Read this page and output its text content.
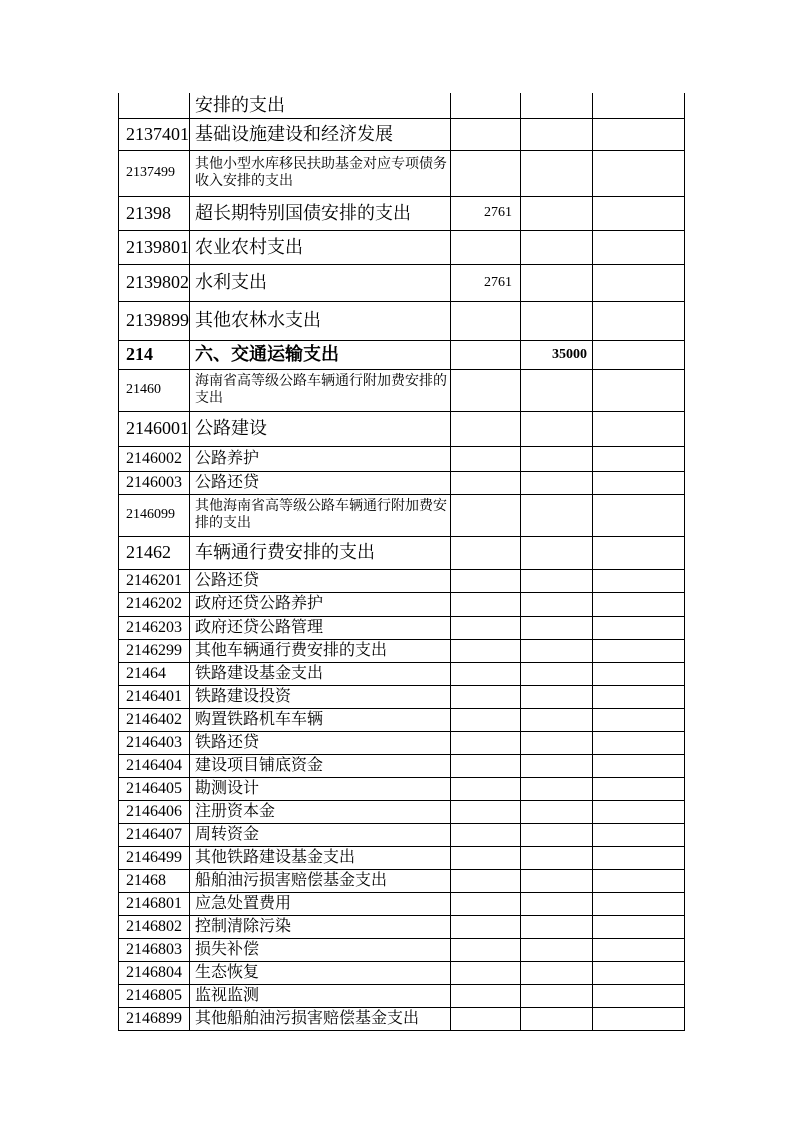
	安排的支出			
2137401	基础设施建设和经济发展			
2137499	其他小型水库移民扶助基金对应专项债务收入安排的支出			
21398	超长期特别国债安排的支出	2761		
2139801	农业农村支出			
2139802	水利支出	2761		
2139899	其他农林水支出			
214	六、交通运输支出		35000	
21460	海南省高等级公路车辆通行附加费安排的支出			
2146001	公路建设			
2146002	公路养护			
2146003	公路还贷			
2146099	其他海南省高等级公路车辆通行附加费安排的支出			
21462	车辆通行费安排的支出			
2146201	公路还贷			
2146202	政府还贷公路养护			
2146203	政府还贷公路管理			
2146299	其他车辆通行费安排的支出			
21464	铁路建设基金支出			
2146401	铁路建设投资			
2146402	购置铁路机车车辆			
2146403	铁路还贷			
2146404	建设项目铺底资金			
2146405	勘测设计			
2146406	注册资本金			
2146407	周转资金			
2146499	其他铁路建设基金支出			
21468	船舶油污损害赔偿基金支出			
2146801	应急处置费用			
2146802	控制清除污染			
2146803	损失补偿			
2146804	生态恢复			
2146805	监视监测			
2146899	其他船舶油污损害赔偿基金支出			
